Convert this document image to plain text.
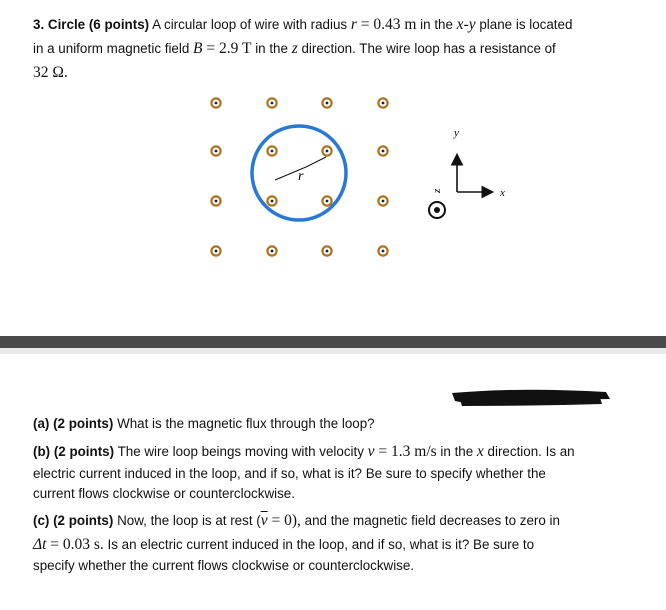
3. Circle (6 points) A circular loop of wire with radius r = 0.43 m in the x-y plane is located
in a uniform magnetic field B = 2.9 T in the z direction. The wire loop has a resistance of
32 Ω.
r
y
x
z
(a) (2 points) What is the magnetic flux through the loop?
(b) (2 points) The wire loop beings moving with velocity v = 1.3 m/s in the x direction. Is an
electric current induced in the loop, and if so, what is it? Be sure to specify whether the
current flows clockwise or counterclockwise.
(c) (2 points) Now, the loop is at rest $(\overline{v} = 0)$, and the magnetic field decreases to zero in
Δt = 0.03 s. Is an electric current induced in the loop, and if so, what is it? Be sure to
specify whether the current flows clockwise or counterclockwise.
